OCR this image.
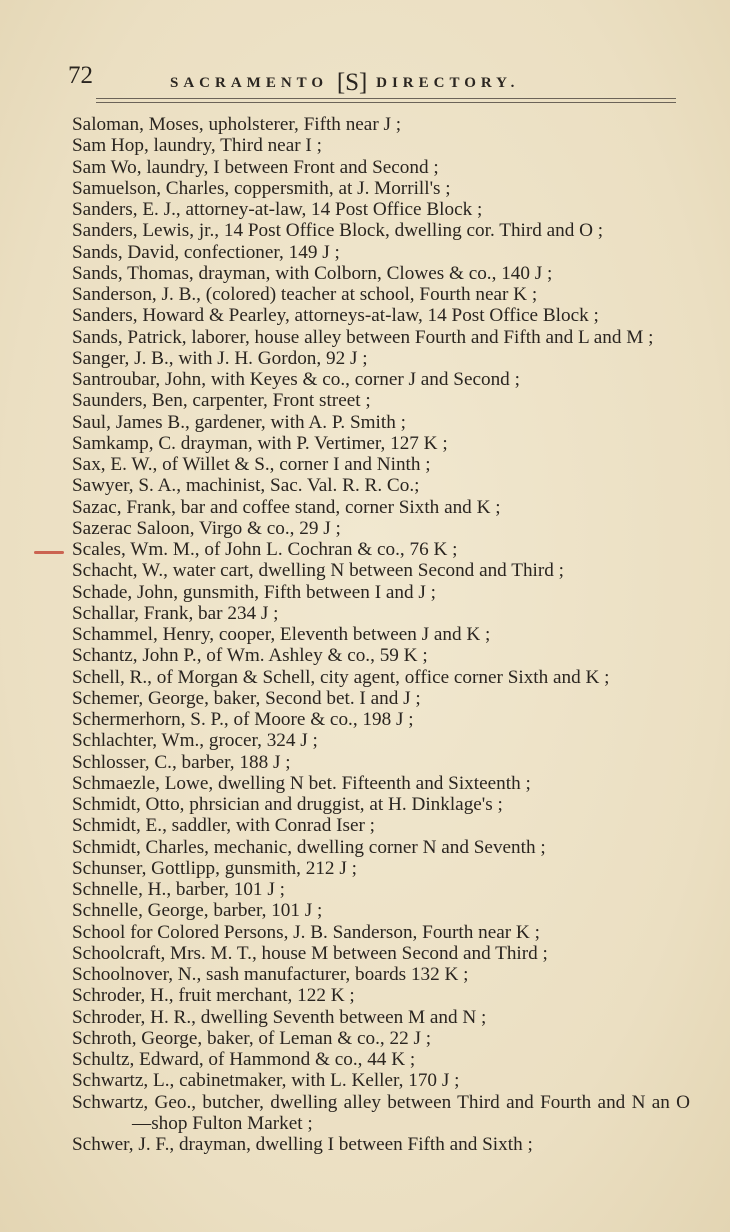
72	SACRAMENTO [S] DIRECTORY.
Saloman, Moses, upholsterer, Fifth near J ;
Sam Hop, laundry, Third near I ;
Sam Wo, laundry, I between Front and Second ;
Samuelson, Charles, coppersmith, at J. Morrill's ;
Sanders, E. J., attorney-at-law, 14 Post Office Block ;
Sanders, Lewis, jr., 14 Post Office Block, dwelling cor. Third and O ;
Sands, David, confectioner, 149 J ;
Sands, Thomas, drayman, with Colborn, Clowes & co., 140 J ;
Sanderson, J. B., (colored) teacher at school, Fourth near K ;
Sanders, Howard & Pearley, attorneys-at-law, 14 Post Office Block ;
Sands, Patrick, laborer, house alley between Fourth and Fifth and L and M ;
Sanger, J. B., with J. H. Gordon, 92 J ;
Santroubar, John, with Keyes & co., corner J and Second ;
Saunders, Ben, carpenter, Front street ;
Saul, James B., gardener, with A. P. Smith ;
Samkamp, C. drayman, with P. Vertimer, 127 K ;
Sax, E. W., of Willet & S., corner I and Ninth ;
Sawyer, S. A., machinist, Sac. Val. R. R. Co.;
Sazac, Frank, bar and coffee stand, corner Sixth and K ;
Sazerac Saloon, Virgo & co., 29 J ;
Scales, Wm. M., of John L. Cochran & co., 76 K ;
Schacht, W., water cart, dwelling N between Second and Third ;
Schade, John, gunsmith, Fifth between I and J ;
Schallar, Frank, bar 234 J ;
Schammel, Henry, cooper, Eleventh between J and K ;
Schantz, John P., of Wm. Ashley & co., 59 K ;
Schell, R., of Morgan & Schell, city agent, office corner Sixth and K ;
Schemer, George, baker, Second bet. I and J ;
Schermerhorn, S. P., of Moore & co., 198 J ;
Schlachter, Wm., grocer, 324 J ;
Schlosser, C., barber, 188 J ;
Schmaezle, Lowe, dwelling N bet. Fifteenth and Sixteenth ;
Schmidt, Otto, phrsician and druggist, at H. Dinklage's ;
Schmidt, E., saddler, with Conrad Iser ;
Schmidt, Charles, mechanic, dwelling corner N and Seventh ;
Schunser, Gottlipp, gunsmith, 212 J ;
Schnelle, H., barber, 101 J ;
Schnelle, George, barber, 101 J ;
School for Colored Persons, J. B. Sanderson, Fourth near K ;
Schoolcraft, Mrs. M. T., house M between Second and Third ;
Schoolnover, N., sash manufacturer, boards 132 K ;
Schroder, H., fruit merchant, 122 K ;
Schroder, H. R., dwelling Seventh between M and N ;
Schroth, George, baker, of Leman & co., 22 J ;
Schultz, Edward, of Hammond & co., 44 K ;
Schwartz, L., cabinetmaker, with L. Keller, 170 J ;
Schwartz, Geo., butcher, dwelling alley between Third and Fourth and N an O—shop Fulton Market ;
Schwer, J. F., drayman, dwelling I between Fifth and Sixth ;
